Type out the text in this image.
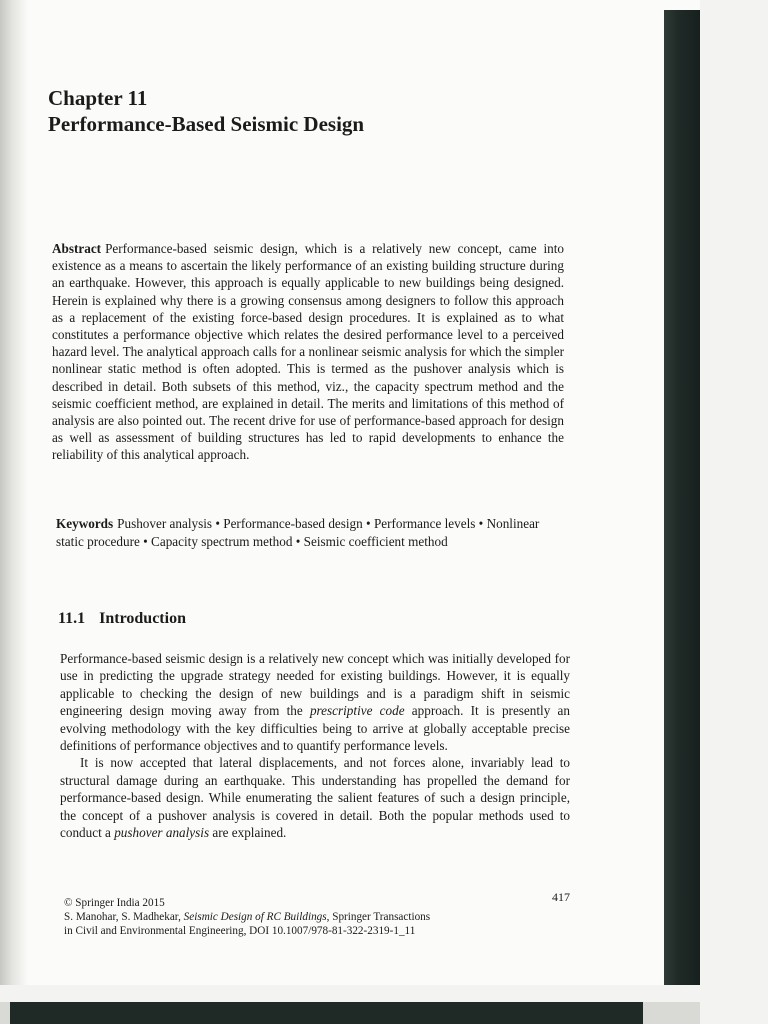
Chapter 11
Performance-Based Seismic Design

Abstract Performance-based seismic design, which is a relatively new concept, came into existence as a means to ascertain the likely performance of an existing building structure during an earthquake. However, this approach is equally applicable to new buildings being designed. Herein is explained why there is a growing consensus among designers to follow this approach as a replacement of the existing force-based design procedures. It is explained as to what constitutes a performance objective which relates the desired performance level to a perceived hazard level. The analytical approach calls for a nonlinear seismic analysis for which the simpler nonlinear static method is often adopted. This is termed as the pushover analysis which is described in detail. Both subsets of this method, viz., the capacity spectrum method and the seismic coefficient method, are explained in detail. The merits and limitations of this method of analysis are also pointed out. The recent drive for use of performance-based approach for design as well as assessment of building structures has led to rapid developments to enhance the reliability of this analytical approach.

Keywords Pushover analysis • Performance-based design • Performance levels • Nonlinear static procedure • Capacity spectrum method • Seismic coefficient method

11.1 Introduction

Performance-based seismic design is a relatively new concept which was initially developed for use in predicting the upgrade strategy needed for existing buildings. However, it is equally applicable to checking the design of new buildings and is a paradigm shift in seismic engineering design moving away from the prescriptive code approach. It is presently an evolving methodology with the key difficulties being to arrive at globally acceptable precise definitions of performance objectives and to quantify performance levels.

It is now accepted that lateral displacements, and not forces alone, invariably lead to structural damage during an earthquake. This understanding has propelled the demand for performance-based design. While enumerating the salient features of such a design principle, the concept of a pushover analysis is covered in detail. Both the popular methods used to conduct a pushover analysis are explained.

417
© Springer India 2015
S. Manohar, S. Madhekar, Seismic Design of RC Buildings, Springer Transactions
in Civil and Environmental Engineering, DOI 10.1007/978-81-322-2319-1_11
